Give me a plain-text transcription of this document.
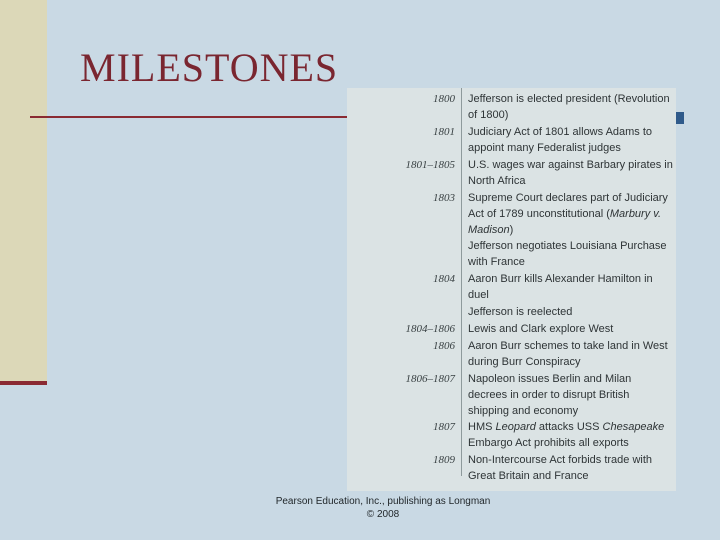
MILESTONES
1800 Jefferson is elected president (Revolution of 1800)
1801 Judiciary Act of 1801 allows Adams to appoint many Federalist judges
1801–1805 U.S. wages war against Barbary pirates in North Africa
1803 Supreme Court declares part of Judiciary Act of 1789 unconstitutional (Marbury v. Madison)
Jefferson negotiates Louisiana Purchase with France
1804 Aaron Burr kills Alexander Hamilton in duel
Jefferson is reelected
1804–1806 Lewis and Clark explore West
1806 Aaron Burr schemes to take land in West during Burr Conspiracy
1806–1807 Napoleon issues Berlin and Milan decrees in order to disrupt British shipping and economy
1807 HMS Leopard attacks USS Chesapeake Embargo Act prohibits all exports
1809 Non-Intercourse Act forbids trade with Great Britain and France
Pearson Education, Inc., publishing as Longman
© 2008
